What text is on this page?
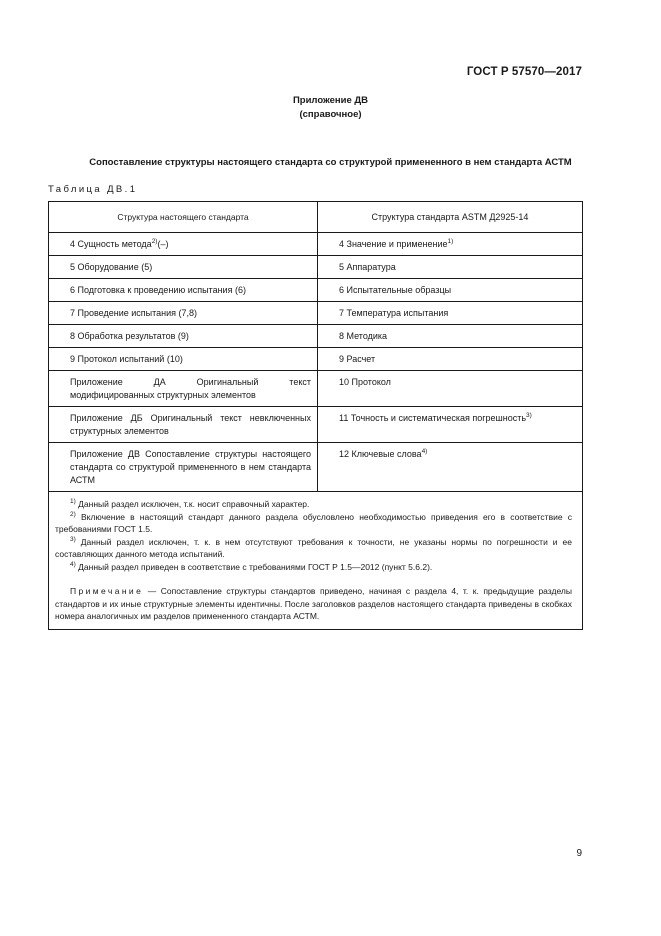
ГОСТ Р 57570—2017
Приложение ДВ
(справочное)
Сопоставление структуры настоящего стандарта со структурой примененного в нем стандарта АСТМ
Таблица ДВ.1
Структура настоящего стандарта	Структура стандарта ASTM Д2925-14
4 Сущность метода$^{2)}$(–)	4 Значение и применение$^{1)}$
5 Оборудование (5)	5 Аппаратура
6 Подготовка к проведению испытания (6)	6 Испытательные образцы
7 Проведение испытания (7,8)	7 Температура испытания
8 Обработка результатов (9)	8 Методика
9 Протокол испытаний (10)	9 Расчет
Приложение ДА Оригинальный текст модифицированных структурных элементов	10 Протокол
Приложение ДБ Оригинальный текст невключенных структурных элементов	11 Точность и систематическая погрешность$^{3)}$
Приложение ДВ Сопоставление структуры настоящего стандарта со структурой примененного в нем стандарта АСТМ	12 Ключевые слова$^{4)}$

$^{1)}$ Данный раздел исключен, т.к. носит справочный характер.

$^{2)}$ Включение в настоящий стандарт данного раздела обусловлено необходимостью приведения его в соответствие с требованиями ГОСТ 1.5.

$^{3)}$ Данный раздел исключен, т. к. в нем отсутствуют требования к точности, не указаны нормы по погрешности и ее составляющих данного метода испытаний.

$^{4)}$ Данный раздел приведен в соответствие с требованиями ГОСТ Р 1.5—2012 (пункт 5.6.2).

Примечание — Сопоставление структуры стандартов приведено, начиная с раздела 4, т. к. предыдущие разделы стандартов и их иные структурные элементы идентичны. После заголовков разделов настоящего стандарта приведены в скобках номера аналогичных им разделов примененного стандарта АСТМ.	

9
